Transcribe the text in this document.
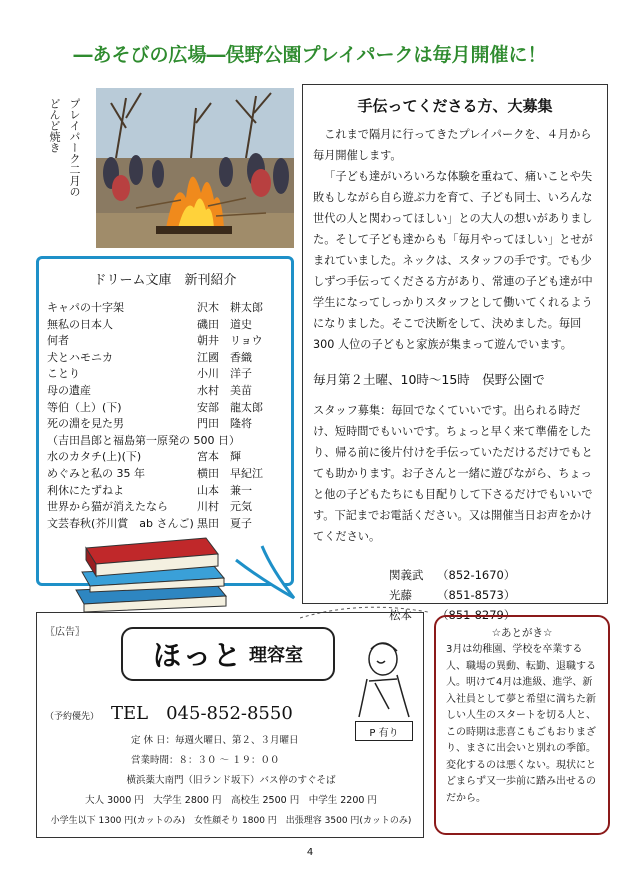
―あそびの広場―俣野公園プレイパークは毎月開催に！
プレイパーク二月の
どんど焼き	手伝ってくださる方、大募集

これまで隔月に行ってきたプレイパークを、４月から毎月開催します。

「子ども達がいろいろな体験を重ねて、痛いことや失敗もしながら自ら遊ぶ力を育て、子ども同士、いろんな世代の人と関わってほしい」との大人の想いがありました。そして子ども達からも「毎月やってほしい」とせがまれていました。ネックは、スタッフの手です。でも少しずつ手伝ってくださる方があり、常連の子ども達が中学生になってしっかりスタッフとして働いてくれるようになりました。そこで決断をして、決めました。毎回 300 人位の子どもと家族が集まって遊んでいます。

毎月第２土曜、10時～15時　俣野公園で

スタッフ募集：毎回でなくていいです。出られる時だけ、短時間でもいいです。ちょっと早く来て準備をしたり、帰る前に後片付けを手伝っていただけるだけでもとても助かります。お子さんと一緒に遊びながら、ちょっと他の子どもたちにも目配りして下さるだけでもいいです。下記までお電話ください。又は開催当日お声をかけてください。

関義武	（852-1670）
光藤	（851-8573）
松本	（851-8279）
ドリーム文庫　新刊紹介
キャパの十字架	沢木　耕太郎
無私の日本人	磯田　道史
何者	朝井　リョウ
犬とハモニカ	江國　香織
ことり	小川　洋子
母の遺産	水村　美苗
等伯（上）(下)	安部　龍太郎
死の淵を見た男	門田　隆将
（吉田昌郎と福島第一原発の 500 日）
水のカタチ(上)(下)	宮本　輝
めぐみと私の 35 年	横田　早紀江
利休にたずねよ	山本　兼一
世界から猫が消えたなら	川村　元気
文芸春秋(芥川賞　ab さんご) 黒田　夏子
〖広告〗
ほっと 理容室
（予約優先） TEL　045-852-8550
P 有り
定 休 日：毎週火曜日、第２、３月曜日
営業時間：８：３０ ～ １９：００
横浜薬大南門（旧ランド坂下）バス停のすぐそば
大人 3000 円　大学生 2800 円　高校生 2500 円　中学生 2200 円
小学生以下 1300 円(カットのみ)　女性顔そり 1800 円　出張理容 3500 円(カットのみ)
☆あとがき☆

3月は幼稚園、学校を卒業する人、職場の異動、転勤、退職する人。明けて4月は進級、進学、新入社員として夢と希望に満ちた新しい人生のスタートを切る人と、この時期は悲喜こもごもおりまざり、まさに出会いと別れの季節。変化するのは悪くない。現状にとどまらず又一歩前に踏み出せるのだから。

4
